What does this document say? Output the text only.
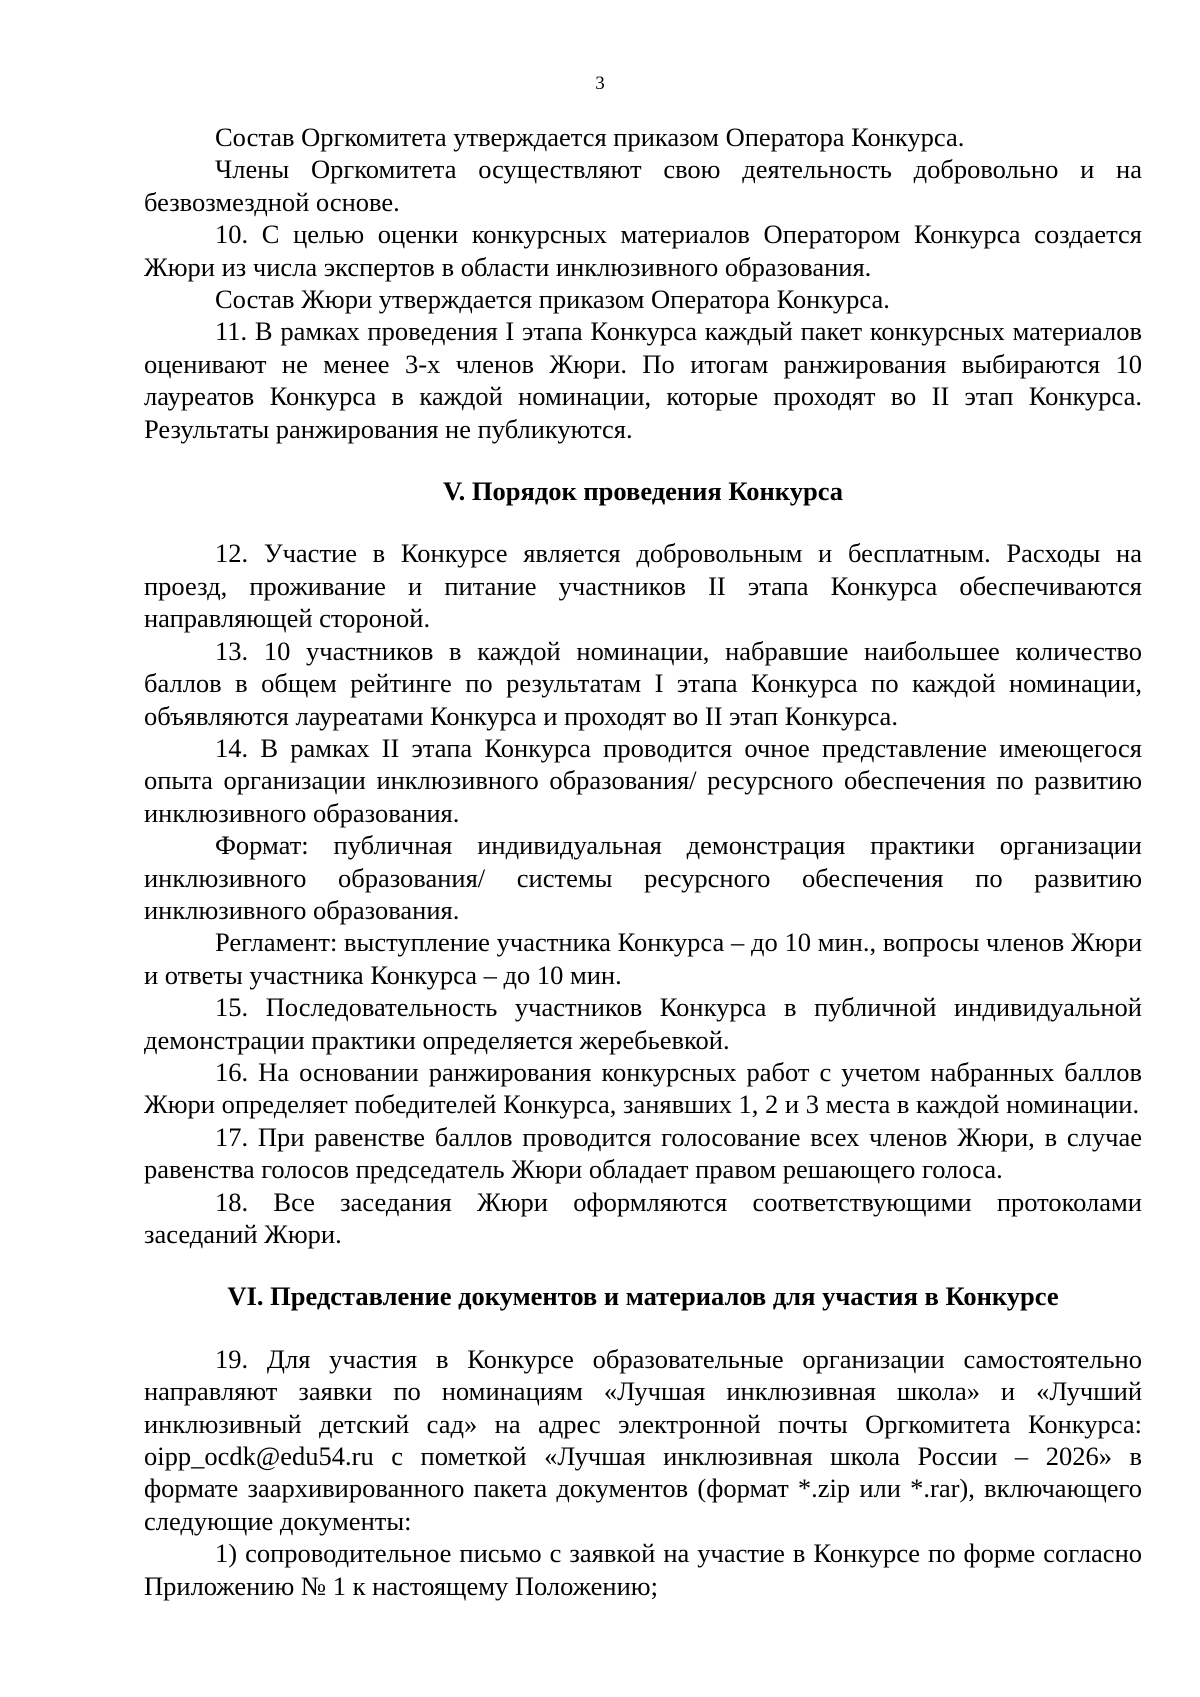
3

Состав Оргкомитета утверждается приказом Оператора Конкурса.

Члены Оргкомитета осуществляют свою деятельность добровольно и на безвозмездной основе.

10. С целью оценки конкурсных материалов Оператором Конкурса создается Жюри из числа экспертов в области инклюзивного образования.

Состав Жюри утверждается приказом Оператора Конкурса.

11. В рамках проведения I этапа Конкурса каждый пакет конкурсных материалов оценивают не менее 3-х членов Жюри. По итогам ранжирования выбираются 10 лауреатов Конкурса в каждой номинации, которые проходят во II этап Конкурса. Результаты ранжирования не публикуются.

V. Порядок проведения Конкурса

12. Участие в Конкурсе является добровольным и бесплатным. Расходы на проезд, проживание и питание участников II этапа Конкурса обеспечиваются направляющей стороной.

13. 10 участников в каждой номинации, набравшие наибольшее количество баллов в общем рейтинге по результатам I этапа Конкурса по каждой номинации, объявляются лауреатами Конкурса и проходят во II этап Конкурса.

14. В рамках II этапа Конкурса проводится очное представление имеющегося опыта организации инклюзивного образования/ ресурсного обеспечения по развитию инклюзивного образования.

Формат: публичная индивидуальная демонстрация практики организации инклюзивного образования/ системы ресурсного обеспечения по развитию инклюзивного образования.

Регламент: выступление участника Конкурса – до 10 мин., вопросы членов Жюри и ответы участника Конкурса – до 10 мин.

15. Последовательность участников Конкурса в публичной индивидуальной демонстрации практики определяется жеребьевкой.

16. На основании ранжирования конкурсных работ с учетом набранных баллов Жюри определяет победителей Конкурса, занявших 1, 2 и 3 места в каждой номинации.

17. При равенстве баллов проводится голосование всех членов Жюри, в случае равенства голосов председатель Жюри обладает правом решающего голоса.

18. Все заседания Жюри оформляются соответствующими протоколами заседаний Жюри.

VI. Представление документов и материалов для участия в Конкурсе

19. Для участия в Конкурсе образовательные организации самостоятельно направляют заявки по номинациям «Лучшая инклюзивная школа» и «Лучший инклюзивный детский сад» на адрес электронной почты Оргкомитета Конкурса: oipp_ocdk@edu54.ru с пометкой «Лучшая инклюзивная школа России – 2026» в формате заархивированного пакета документов (формат *.zip или *.rar), включающего следующие документы:

1) сопроводительное письмо с заявкой на участие в Конкурсе по форме согласно Приложению № 1 к настоящему Положению;
